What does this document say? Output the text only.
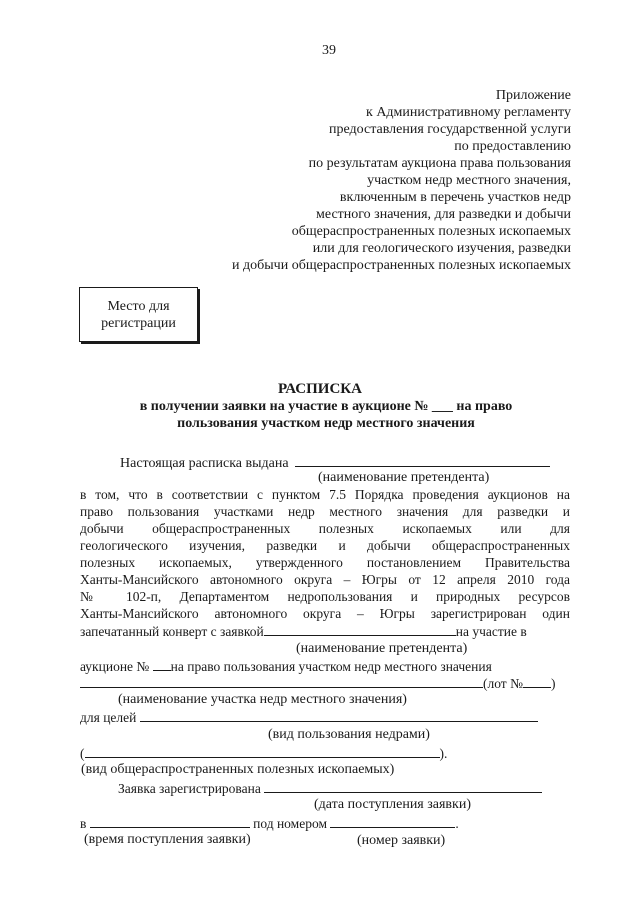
39
Приложение
к Административному регламенту
предоставления государственной услуги
по предоставлению
по результатам аукциона права пользования
участком недр местного значения,
включенным в перечень участков недр
местного значения, для разведки и добычи
общераспространенных полезных ископаемых
или для геологического изучения, разведки
и добычи общераспространенных полезных ископаемых
Место для
регистрации
РАСПИСКА
в получении заявки на участие в аукционе № ___ на право
пользования участком недр местного значения
Настоящая расписка выдана
(наименование претендента)
в том, что в соответствии с пунктом 7.5 Порядка проведения аукционов на
право пользования участками недр местного значения для разведки и
добычи общераспространенных полезных ископаемых или для
геологического изучения, разведки и добычи общераспространенных
полезных ископаемых, утвержденного постановлением Правительства
Ханты-Мансийского автономного округа – Югры от 12 апреля 2010 года
№ 102-п, Департаментом недропользования и природных ресурсов
Ханты-Мансийского автономного округа – Югры зарегистрирован один
запечатанный конверт с заявкой	на участие в
(наименование претендента)
аукционе № на право пользования участком недр местного значения
(лот № )
(наименование участка недр местного значения)
для целей
(вид пользования недрами)
(	).
(вид общераспространенных полезных ископаемых)
Заявка зарегистрирована
(дата поступления заявки)
в	под номером	.
(время поступления заявки)	(номер заявки)
